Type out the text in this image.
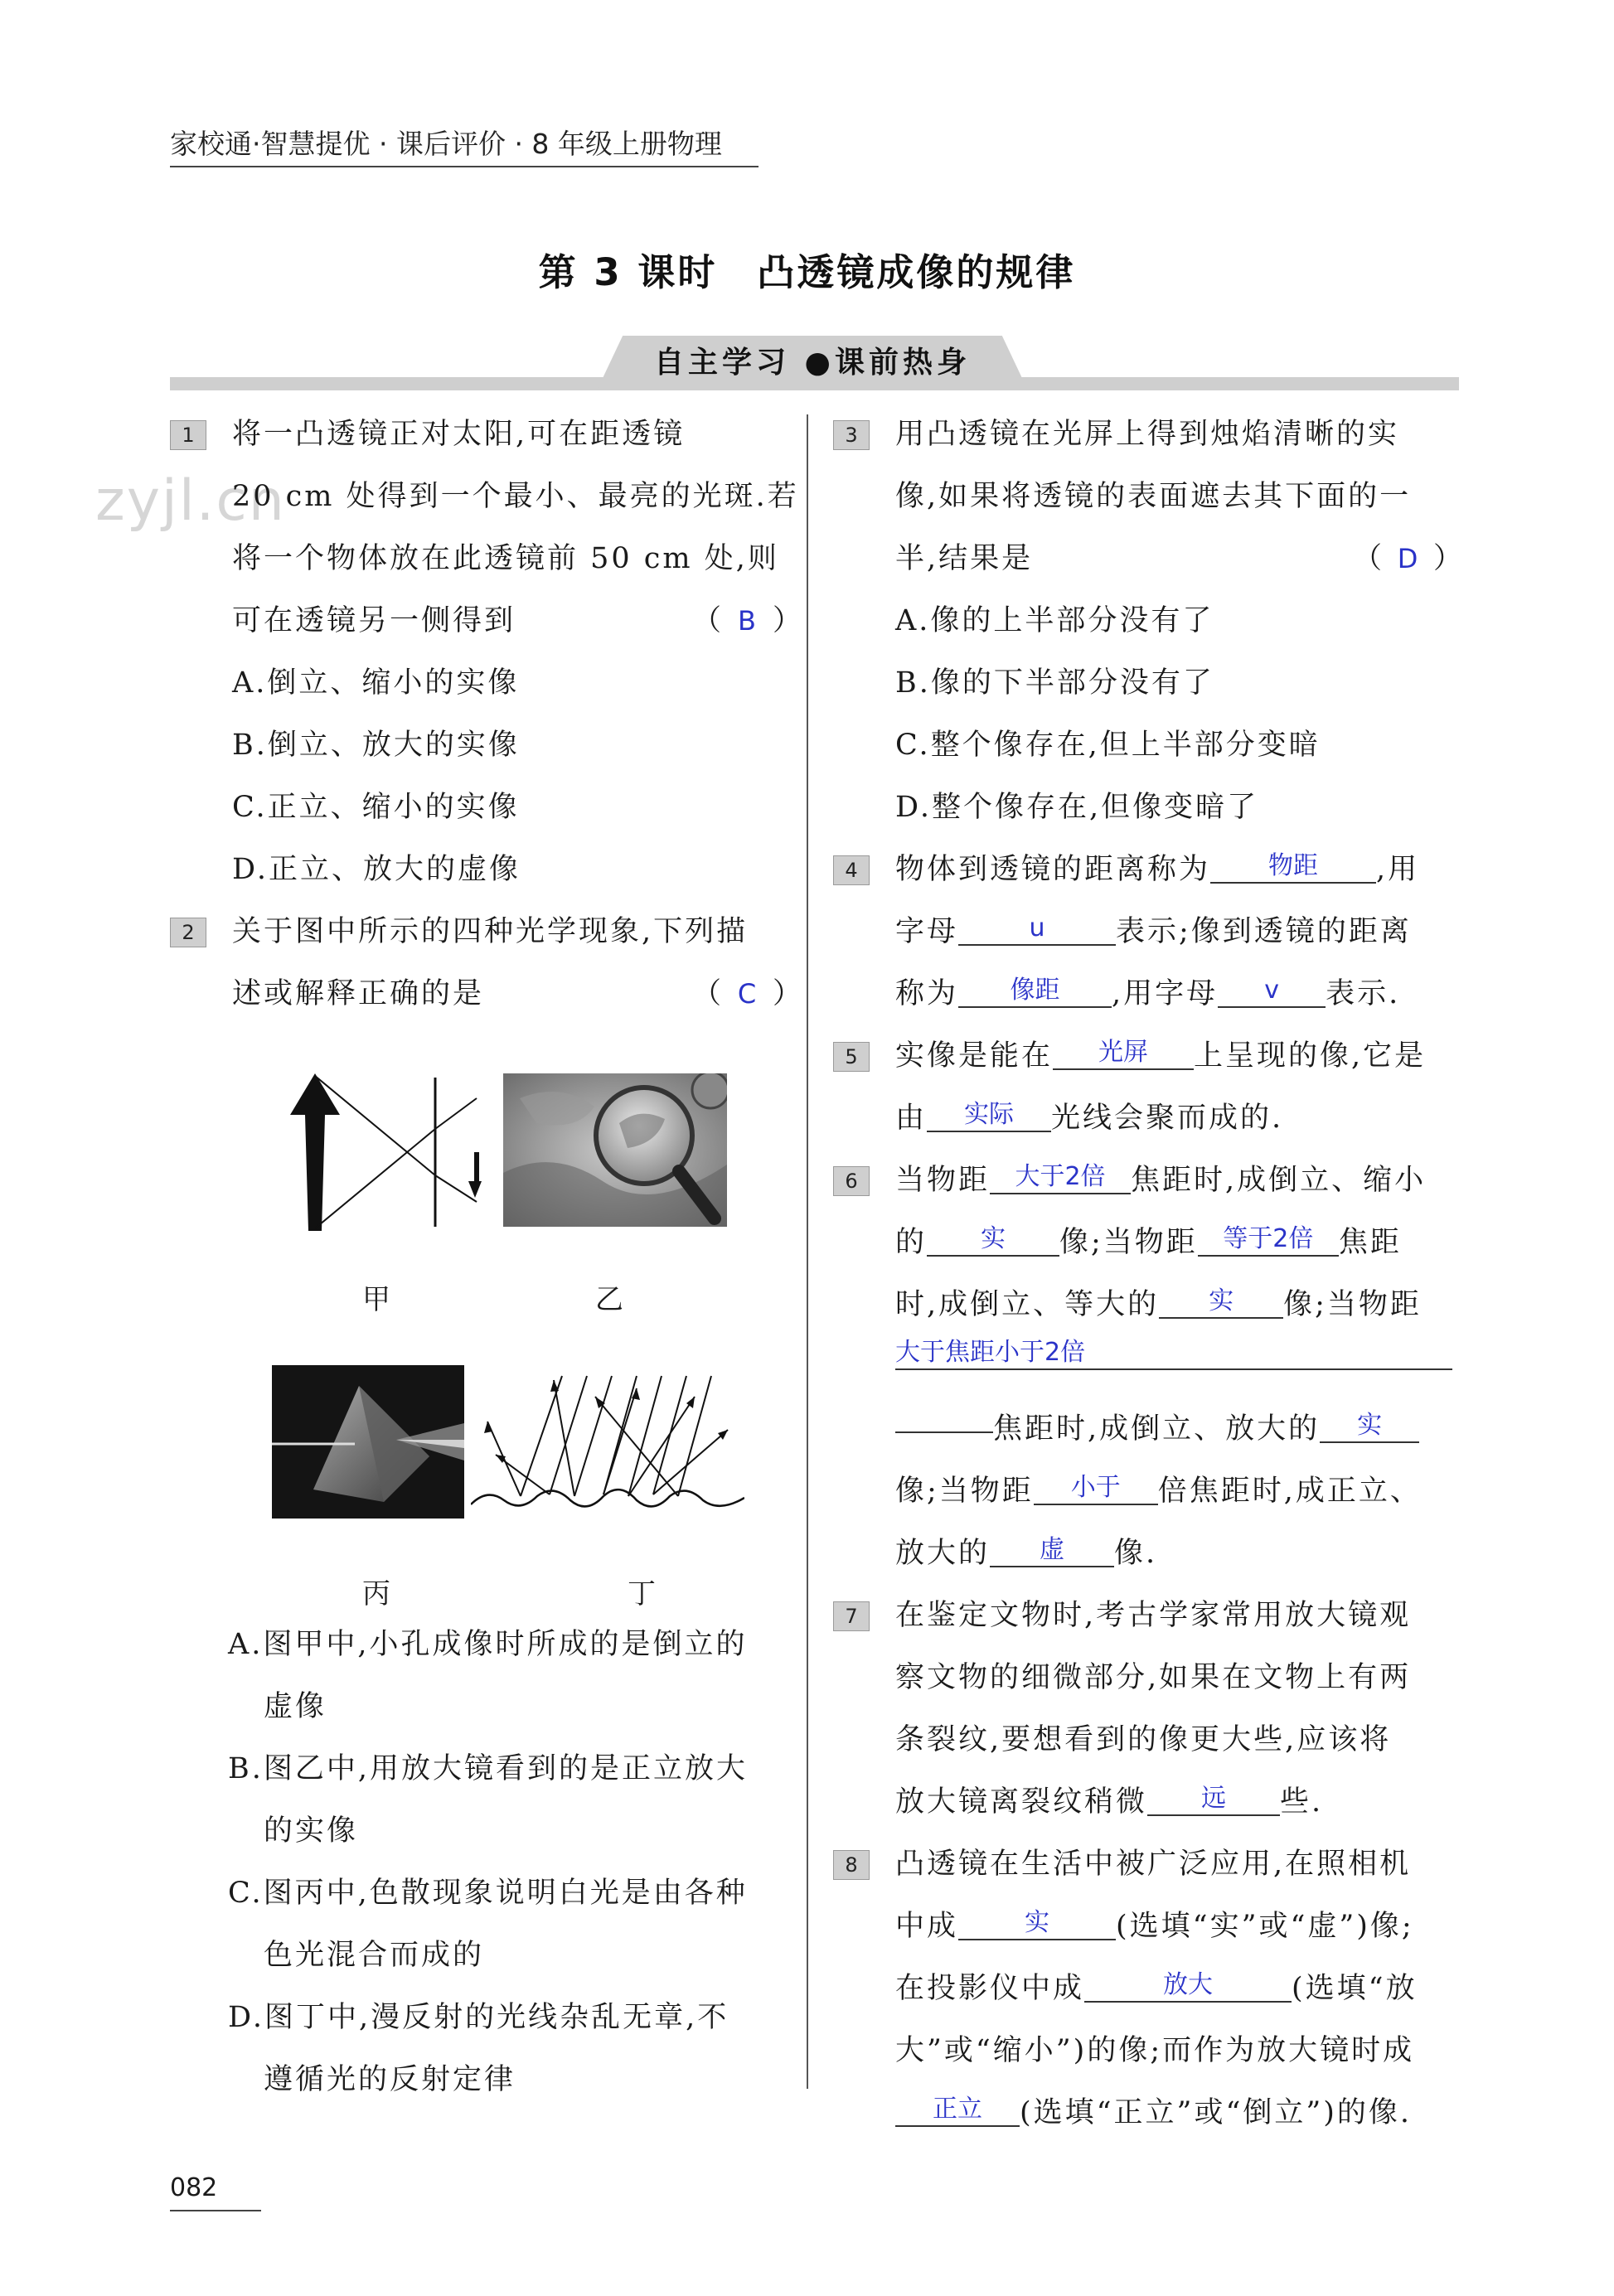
家校通·智慧提优 · 课后评价 · 8 年级上册物理
第 3 课时　凸透镜成像的规律
自主学习 ●课前热身
zyjl.cn
1	将一凸透镜正对太阳,可在距透镜
20 cm 处得到一个最小、最亮的光斑.若
将一个物体放在此透镜前 50 cm 处,则
可在透镜另一侧得到	（ B ）
A.倒立、缩小的实像
B.倒立、放大的实像
C.正立、缩小的实像
D.正立、放大的虚像
2	关于图中所示的四种光学现象,下列描
述或解释正确的是	（ C ）
甲	乙
丙	丁
A.图甲中,小孔成像时所成的是倒立的
虚像
B.图乙中,用放大镜看到的是正立放大
的实像
C.图丙中,色散现象说明白光是由各种
色光混合而成的
D.图丁中,漫反射的光线杂乱无章,不
遵循光的反射定律
3	用凸透镜在光屏上得到烛焰清晰的实
像,如果将透镜的表面遮去其下面的一
半,结果是	（ D ）
A.像的上半部分没有了
B.像的下半部分没有了
C.整个像存在,但上半部分变暗
D.整个像存在,但像变暗了
4	物体到透镜的距离称为 物距 ,用
字母	u 表示;像到透镜的距离
称为 像距 ,用字母 v 表示.
5	实像是能在 光屏 上呈现的像,它是
由 实际 光线会聚而成的.
6	当物距 大于2倍 焦距时,成倒立、缩小
的 实 像;当物距 等于2倍 焦距
时,成倒立、等大的 实 像;当物距
大于焦距小于2倍
焦距时,成倒立、放大的 实
像;当物距 小于 倍焦距时,成正立、
放大的 虚 像.
7	在鉴定文物时,考古学家常用放大镜观
察文物的细微部分,如果在文物上有两
条裂纹,要想看到的像更大些,应该将
放大镜离裂纹稍微 远 些.
8	凸透镜在生活中被广泛应用,在照相机
中成	实 (选填“实”或“虚”)像;
在投影仪中成	放大	(选填“放
大”或“缩小”)的像;而作为放大镜时成
正立 (选填“正立”或“倒立”)的像.
082
